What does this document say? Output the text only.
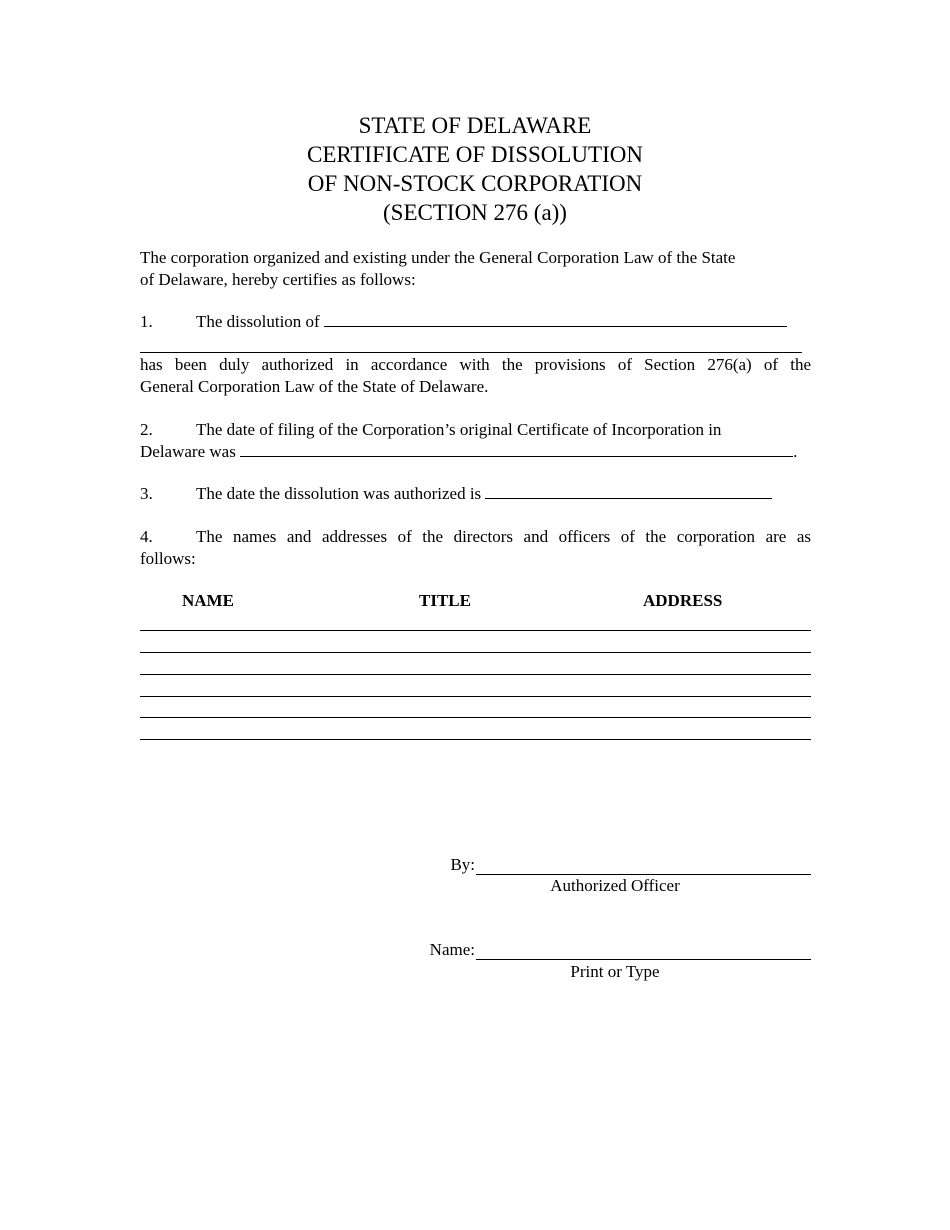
STATE OF DELAWARE
CERTIFICATE OF DISSOLUTION
OF NON-STOCK CORPORATION
(SECTION 276 (a))
The corporation organized and existing under the General Corporation Law of the State
of Delaware, hereby certifies as follows:
1.	The dissolution of
has been duly authorized in accordance with the provisions of Section 276(a) of the
General Corporation Law of the State of Delaware.
2.	The date of filing of the Corporation’s original Certificate of Incorporation in
Delaware was	.
3.	The date the dissolution was authorized is
4.	The names and addresses of the directors and officers of the corporation are as
follows:
NAME	TITLE	ADDRESS
By:
Authorized Officer
Name:
Print or Type
